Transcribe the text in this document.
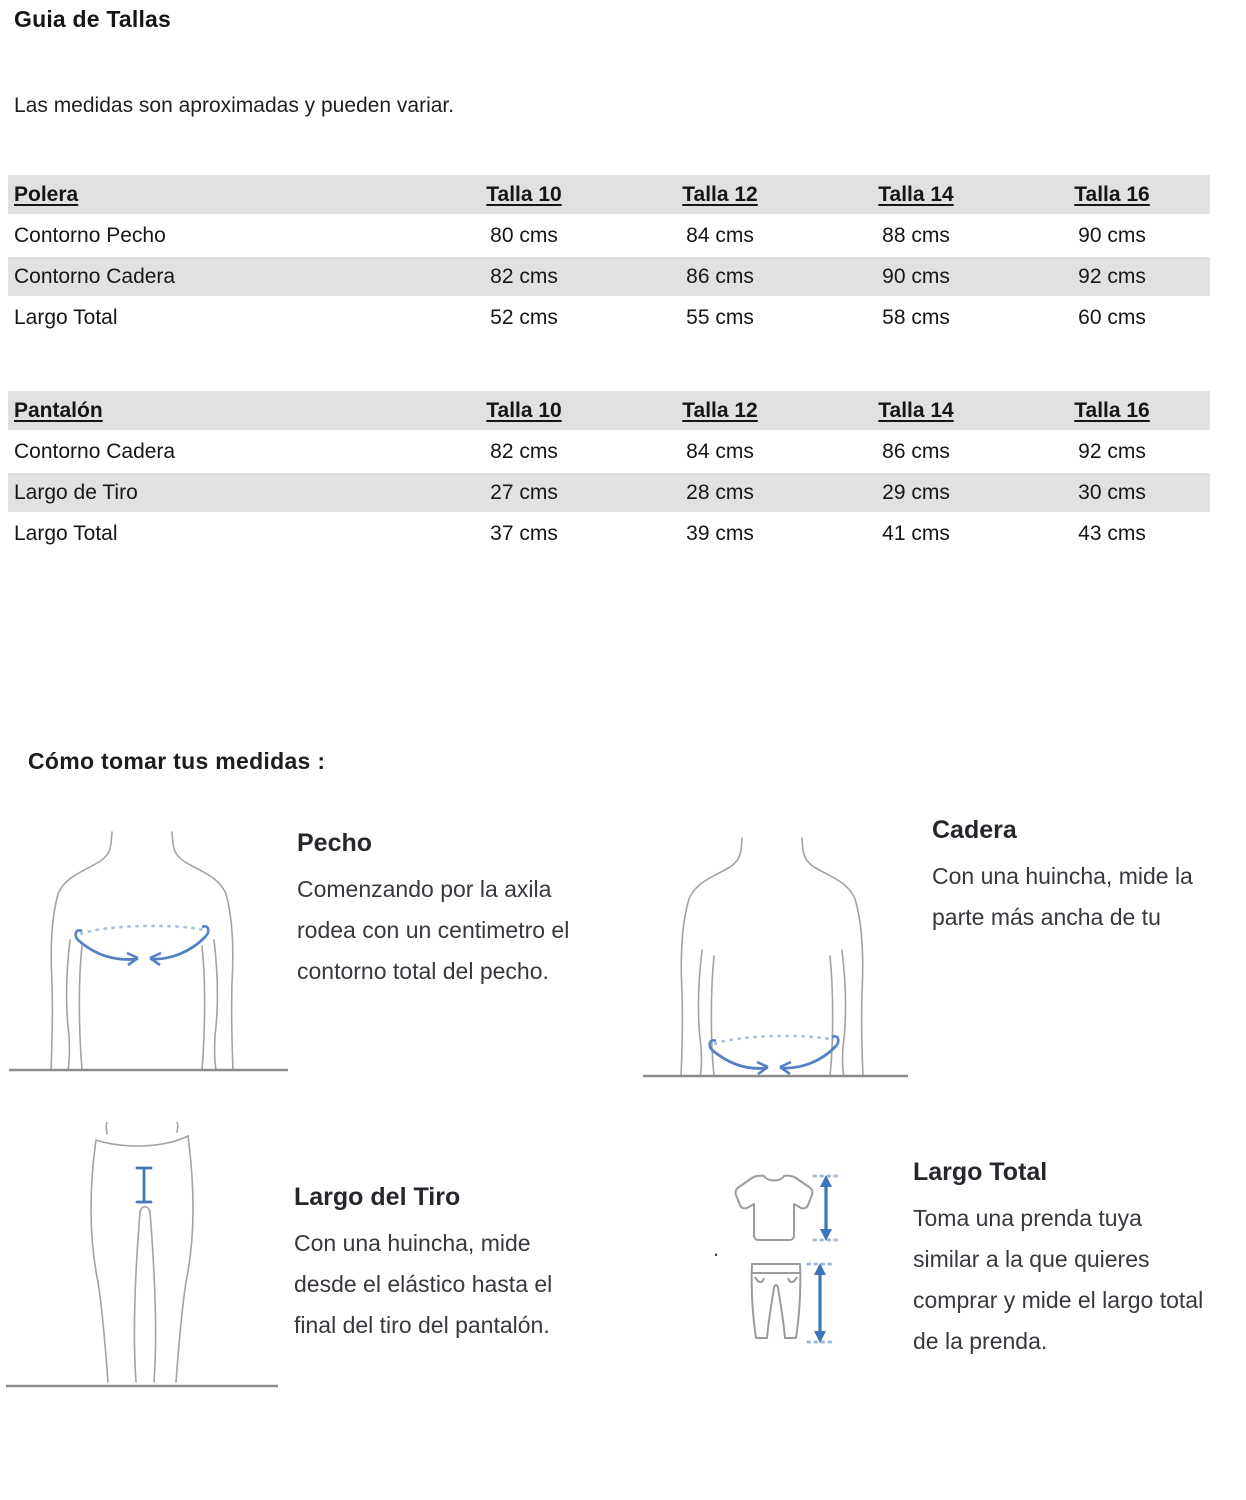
Guia de Tallas
Las medidas son aproximadas y pueden variar.
Polera	Talla 10	Talla 12	Talla 14	Talla 16
Contorno Pecho	80 cms	84 cms	88 cms	90 cms
Contorno Cadera	82 cms	86 cms	90 cms	92 cms
Largo Total	52 cms	55 cms	58 cms	60 cms
Pantalón	Talla 10	Talla 12	Talla 14	Talla 16
Contorno Cadera	82 cms	84 cms	86 cms	92 cms
Largo de Tiro	27 cms	28 cms	29 cms	30 cms
Largo Total	37 cms	39 cms	41 cms	43 cms
Cómo tomar tus medidas :
Pecho
Comenzando por la axila
rodea con un centimetro el
contorno total del pecho.
Cadera
Con una huincha, mide la
parte más ancha de tu
Largo del Tiro
Con una huincha, mide
desde el elástico hasta el
final del tiro del pantalón.
.
Largo Total
Toma una prenda tuya
similar a la que quieres
comprar y mide el largo total
de la prenda.
